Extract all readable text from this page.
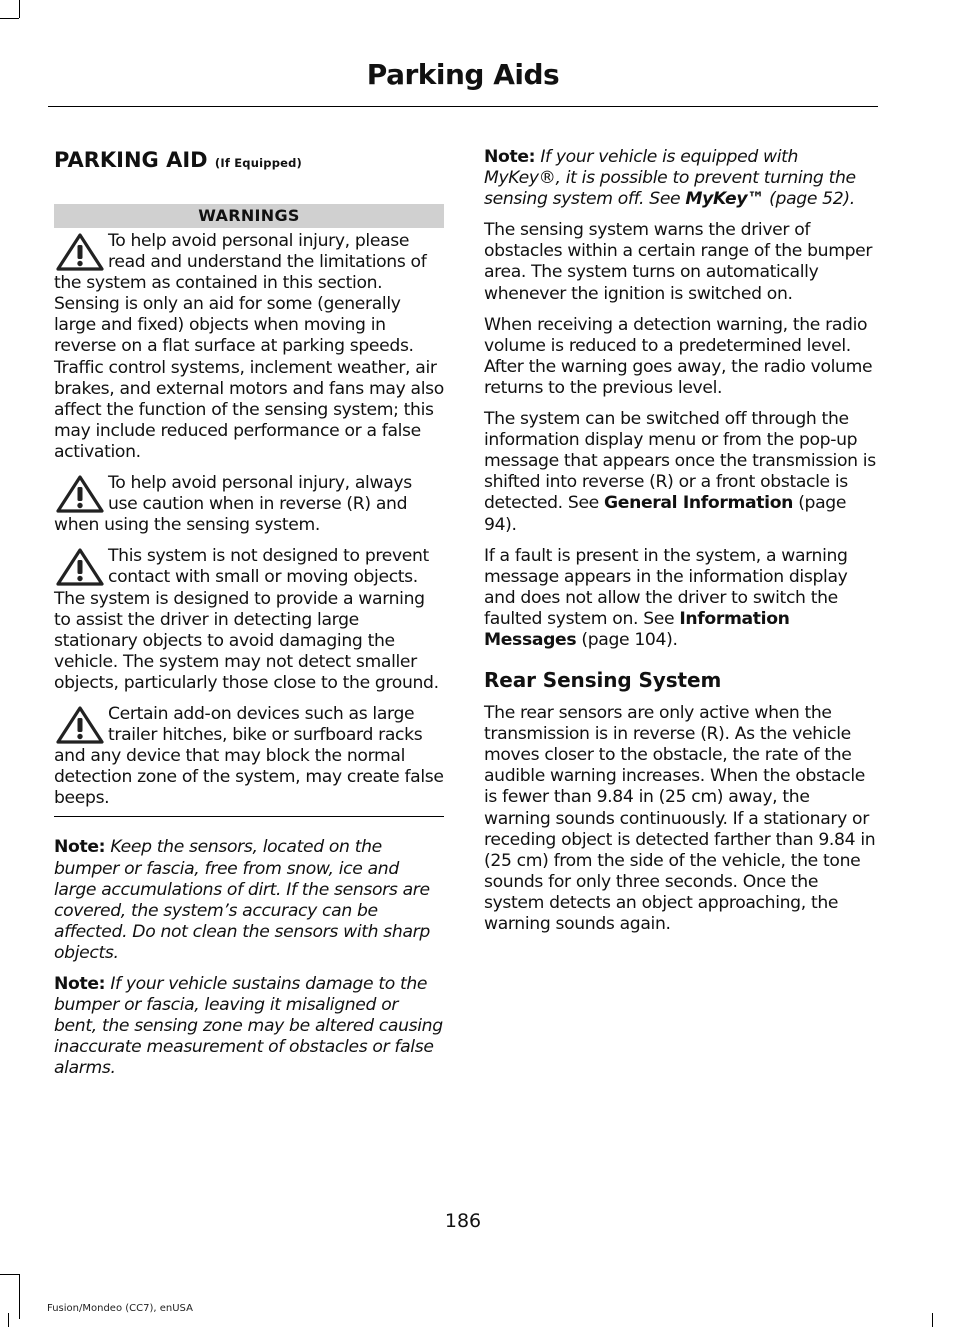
Parking Aids
PARKING AID (If Equipped)
WARNINGS

To help avoid personal injury, please read and understand the limitations of the system as contained in this section. Sensing is only an aid for some (generally large and fixed) objects when moving in reverse on a flat surface at parking speeds. Traffic control systems, inclement weather, air brakes, and external motors and fans may also affect the function of the sensing system; this may include reduced performance or a false activation.

To help avoid personal injury, always use caution when in reverse (R) and when using the sensing system.

This system is not designed to prevent contact with small or moving objects. The system is designed to provide a warning to assist the driver in detecting large stationary objects to avoid damaging the vehicle. The system may not detect smaller objects, particularly those close to the ground.

Certain add-on devices such as large trailer hitches, bike or surfboard racks and any device that may block the normal detection zone of the system, may create false beeps.

Note: Keep the sensors, located on the bumper or fascia, free from snow, ice and large accumulations of dirt. If the sensors are covered, the system’s accuracy can be affected. Do not clean the sensors with sharp objects.

Note: If your vehicle sustains damage to the bumper or fascia, leaving it misaligned or bent, the sensing zone may be altered causing inaccurate measurement of obstacles or false alarms.

Note: If your vehicle is equipped with MyKey®, it is possible to prevent turning the sensing system off. See MyKey™ (page 52).

The sensing system warns the driver of obstacles within a certain range of the bumper area. The system turns on automatically whenever the ignition is switched on.

When receiving a detection warning, the radio volume is reduced to a predetermined level. After the warning goes away, the radio volume returns to the previous level.

The system can be switched off through the information display menu or from the pop-up message that appears once the transmission is shifted into reverse (R) or a front obstacle is detected. See General Information (page 94).

If a fault is present in the system, a warning message appears in the information display and does not allow the driver to switch the faulted system on. See Information Messages (page 104).

Rear Sensing System

The rear sensors are only active when the transmission is in reverse (R). As the vehicle moves closer to the obstacle, the rate of the audible warning increases. When the obstacle is fewer than 9.84 in (25 cm) away, the warning sounds continuously. If a stationary or receding object is detected farther than 9.84 in (25 cm) from the side of the vehicle, the tone sounds for only three seconds. Once the system detects an object approaching, the warning sounds again.

186
Fusion/Mondeo (CC7), enUSA
